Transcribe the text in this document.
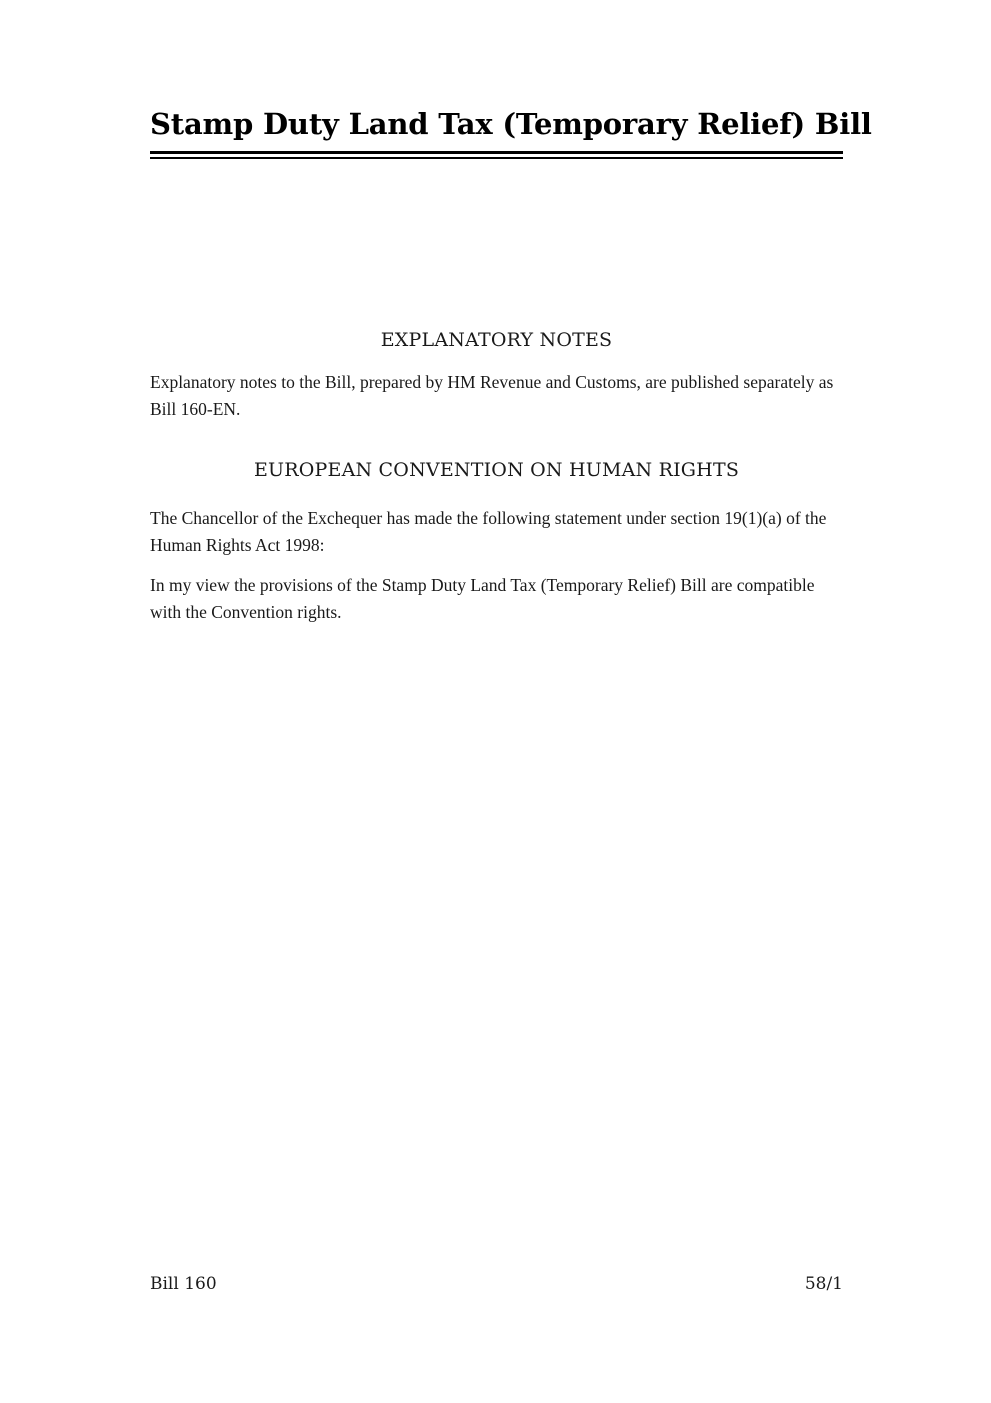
Stamp Duty Land Tax (Temporary Relief) Bill
EXPLANATORY NOTES

Explanatory notes to the Bill, prepared by HM Revenue and Customs, are published separately as Bill 160-EN.

EUROPEAN CONVENTION ON HUMAN RIGHTS

The Chancellor of the Exchequer has made the following statement under section 19(1)(a) of the Human Rights Act 1998:

In my view the provisions of the Stamp Duty Land Tax (Temporary Relief) Bill are compatible with the Convention rights.

Bill 160	58/1
